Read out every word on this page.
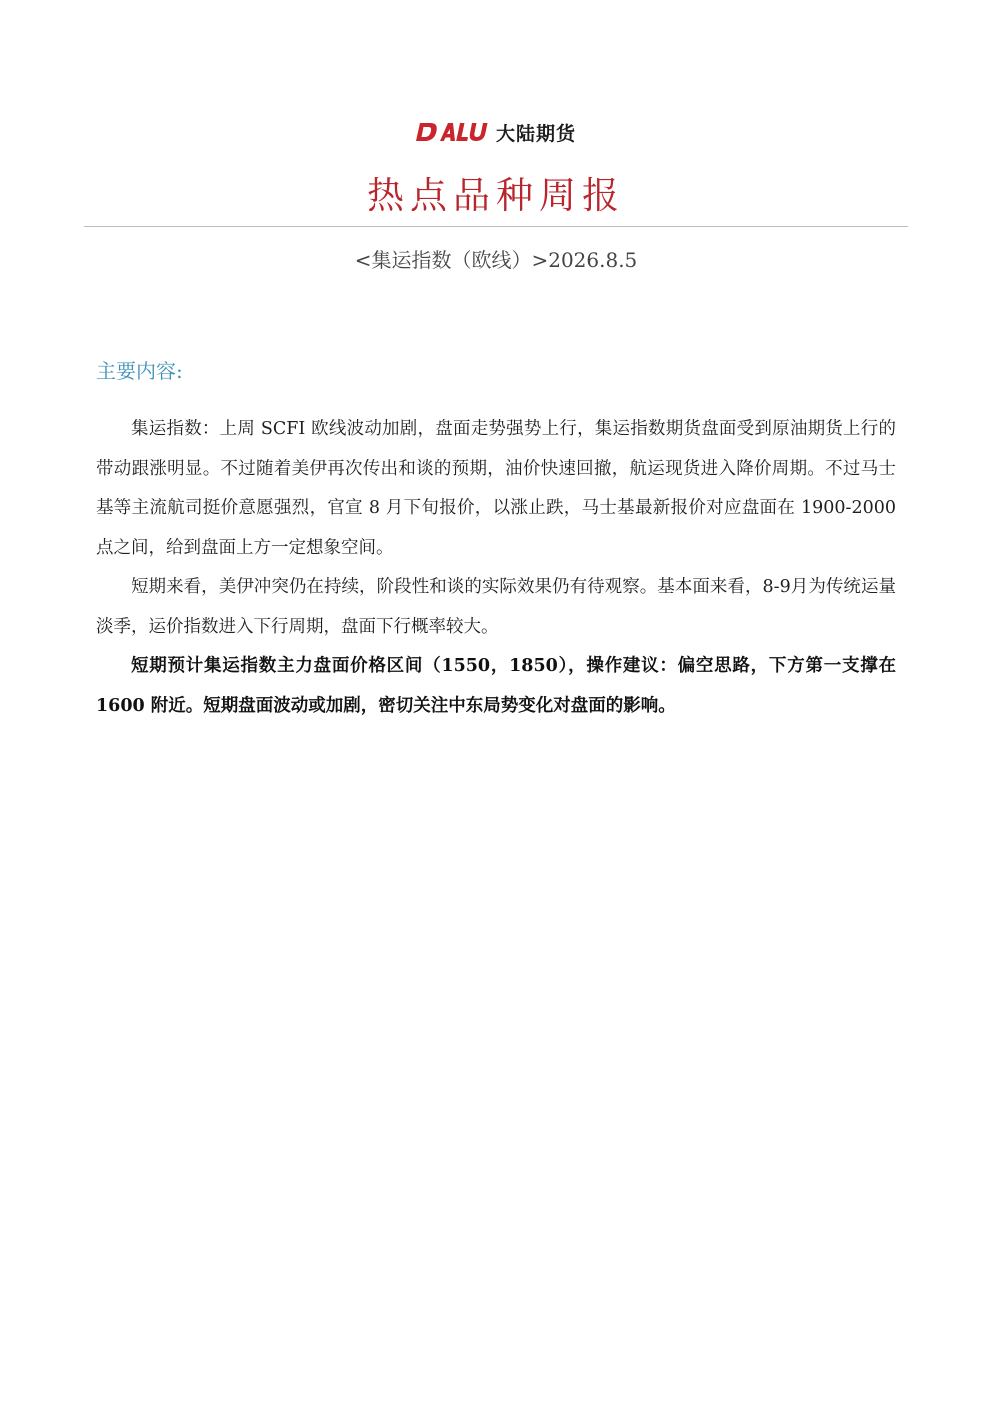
大陆期货
热点品种周报
<集运指数（欧线）>2026.8.5
主要内容:

集运指数：上周 SCFI 欧线波动加剧，盘面走势强势上行，集运指数期货盘面受到原油期货上行的带动跟涨明显。不过随着美伊再次传出和谈的预期，油价快速回撤，航运现货进入降价周期。不过马士基等主流航司挺价意愿强烈，官宣 8 月下旬报价，以涨止跌，马士基最新报价对应盘面在 1900-2000 点之间，给到盘面上方一定想象空间。

短期来看，美伊冲突仍在持续，阶段性和谈的实际效果仍有待观察。基本面来看，8-9月为传统运量淡季，运价指数进入下行周期，盘面下行概率较大。

短期预计集运指数主力盘面价格区间（1550，1850），操作建议：偏空思路，下方第一支撑在 1600 附近。短期盘面波动或加剧，密切关注中东局势变化对盘面的影响。
